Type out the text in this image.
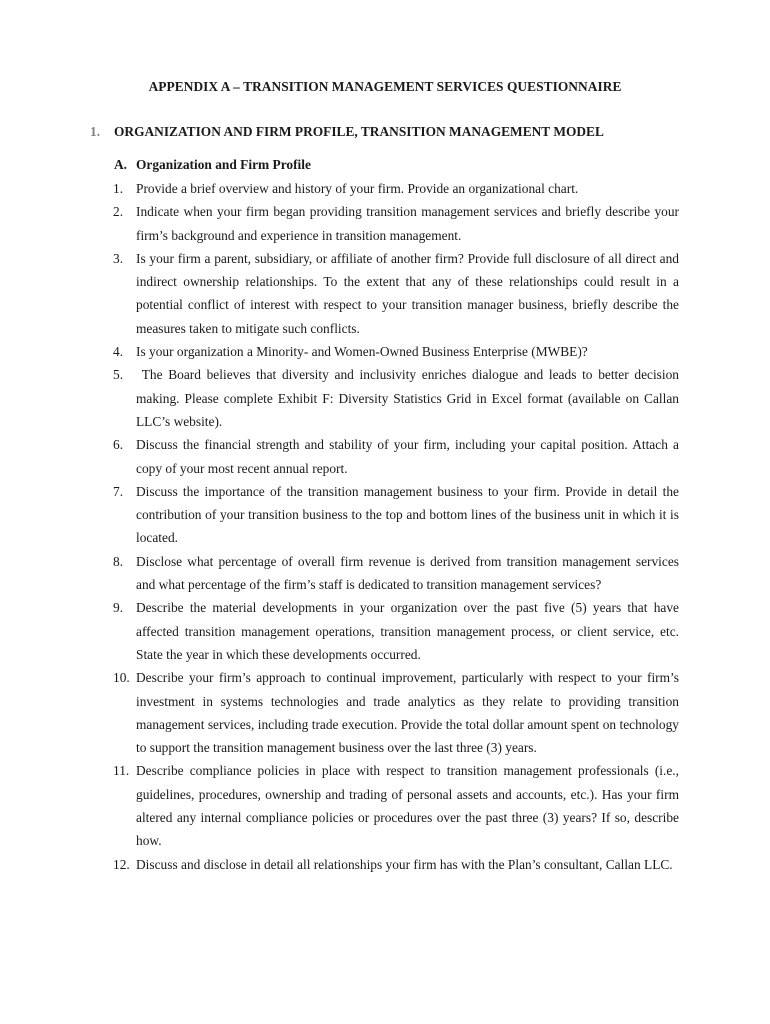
APPENDIX A – TRANSITION MANAGEMENT SERVICES QUESTIONNAIRE
1. ORGANIZATION AND FIRM PROFILE, TRANSITION MANAGEMENT MODEL
A. Organization and Firm Profile
1. Provide a brief overview and history of your firm. Provide an organizational chart.
2. Indicate when your firm began providing transition management services and briefly describe your firm’s background and experience in transition management.
3. Is your firm a parent, subsidiary, or affiliate of another firm? Provide full disclosure of all direct and indirect ownership relationships. To the extent that any of these relationships could result in a potential conflict of interest with respect to your transition manager business, briefly describe the measures taken to mitigate such conflicts.
4. Is your organization a Minority- and Women-Owned Business Enterprise (MWBE)?
5. The Board believes that diversity and inclusivity enriches dialogue and leads to better decision making. Please complete Exhibit F: Diversity Statistics Grid in Excel format (available on Callan LLC’s website).
6. Discuss the financial strength and stability of your firm, including your capital position. Attach a copy of your most recent annual report.
7. Discuss the importance of the transition management business to your firm. Provide in detail the contribution of your transition business to the top and bottom lines of the business unit in which it is located.
8. Disclose what percentage of overall firm revenue is derived from transition management services and what percentage of the firm’s staff is dedicated to transition management services?
9. Describe the material developments in your organization over the past five (5) years that have affected transition management operations, transition management process, or client service, etc. State the year in which these developments occurred.
10. Describe your firm’s approach to continual improvement, particularly with respect to your firm’s investment in systems technologies and trade analytics as they relate to providing transition management services, including trade execution. Provide the total dollar amount spent on technology to support the transition management business over the last three (3) years.
11. Describe compliance policies in place with respect to transition management professionals (i.e., guidelines, procedures, ownership and trading of personal assets and accounts, etc.). Has your firm altered any internal compliance policies or procedures over the past three (3) years? If so, describe how.
12. Discuss and disclose in detail all relationships your firm has with the Plan’s consultant, Callan LLC.
